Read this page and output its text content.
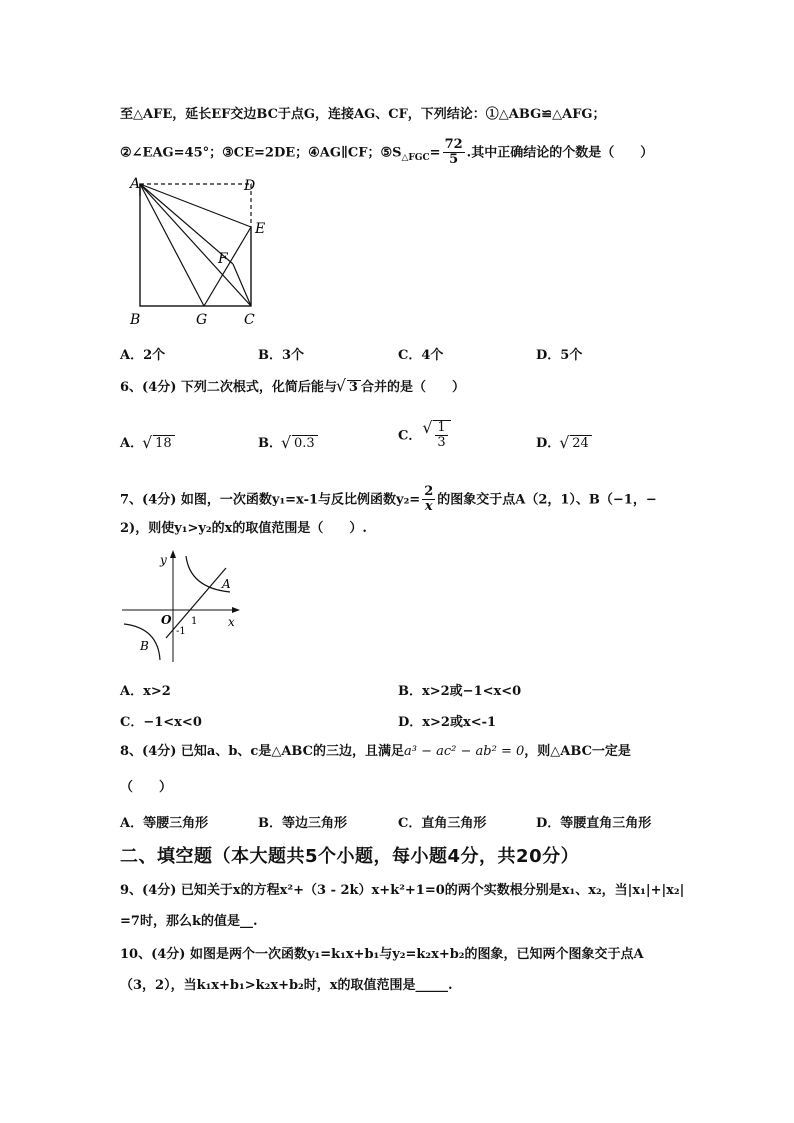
至△AFE，延长EF交边BC于点G，连接AG、CF，下列结论：①△ABG≌△AFG；
②∠EAG=45°；③CE=2DE；④AG∥CF；$⑤S_{\triangle FGC}= \frac{72}{5}$ .其中正确结论的个数是（　　）
A	D
E
F
B	G	C
A．2个	B．3个	C．4个	D．5个
6、(4分) 下列二次根式，化简后能与 √ 3 合并的是（　　）
A． √ 18	B． √ 0.3
C． √ $\frac{1}{3}$	D． √ 24
7、(4分) 如图，一次函数y₁=x-1与反比例函数$y_2= \frac{2}{x}$ 的图象交于点A（2，1）、B（−1，−
2)，则使y₁>y₂的x的取值范围是（　　）.
y
x
O 1
-1
A
B
A．x>2	B．x>2或−1<x<0
C．−1<x<0	D．x>2或x<-1
8、(4分) 已知a、b、c是△ABC的三边，且满足a³ − ac² − ab² = 0，则△ABC一定是
（　　）
A．等腰三角形	B．等边三角形	C．直角三角形	D．等腰直角三角形
二、填空题（本大题共5个小题，每小题4分，共20分）
9、(4分) 已知关于x的方程x²+（3 - 2k）x+k²+1=0的两个实数根分别是x₁、x₂，当|x₁|+|x₂|
=7时，那么k的值是__.
10、(4分) 如图是两个一次函数y₁=k₁x+b₁与y₂=k₂x+b₂的图象，已知两个图象交于点A
（3，2），当k₁x+b₁>k₂x+b₂时，x的取值范围是_____.
